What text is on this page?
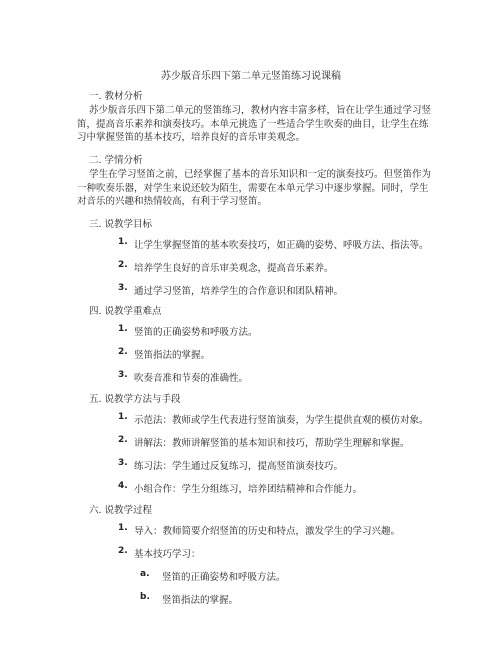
苏少版音乐四下第二单元竖笛练习说课稿
一. 教材分析
苏少版音乐四下第二单元的竖笛练习，教材内容丰富多样，旨在让学生通过学习竖笛，提高音乐素养和演奏技巧。本单元挑选了一些适合学生吹奏的曲目，让学生在练习中掌握竖笛的基本技巧，培养良好的音乐审美观念。
二. 学情分析
学生在学习竖笛之前，已经掌握了基本的音乐知识和一定的演奏技巧。但竖笛作为一种吹奏乐器，对学生来说还较为陌生，需要在本单元学习中逐步掌握。同时，学生对音乐的兴趣和热情较高，有利于学习竖笛。
三. 说教学目标
1. 让学生掌握竖笛的基本吹奏技巧，如正确的姿势、呼吸方法、指法等。
2. 培养学生良好的音乐审美观念，提高音乐素养。
3. 通过学习竖笛，培养学生的合作意识和团队精神。
四. 说教学重难点
1. 竖笛的正确姿势和呼吸方法。
2. 竖笛指法的掌握。
3. 吹奏音准和节奏的准确性。
五. 说教学方法与手段
1. 示范法：教师或学生代表进行竖笛演奏，为学生提供直观的模仿对象。
2. 讲解法：教师讲解竖笛的基本知识和技巧，帮助学生理解和掌握。
3. 练习法：学生通过反复练习，提高竖笛演奏技巧。
4. 小组合作：学生分组练习，培养团结精神和合作能力。
六. 说教学过程
1. 导入：教师简要介绍竖笛的历史和特点，激发学生的学习兴趣。
2. 基本技巧学习：
a. 竖笛的正确姿势和呼吸方法。
b. 竖笛指法的掌握。
